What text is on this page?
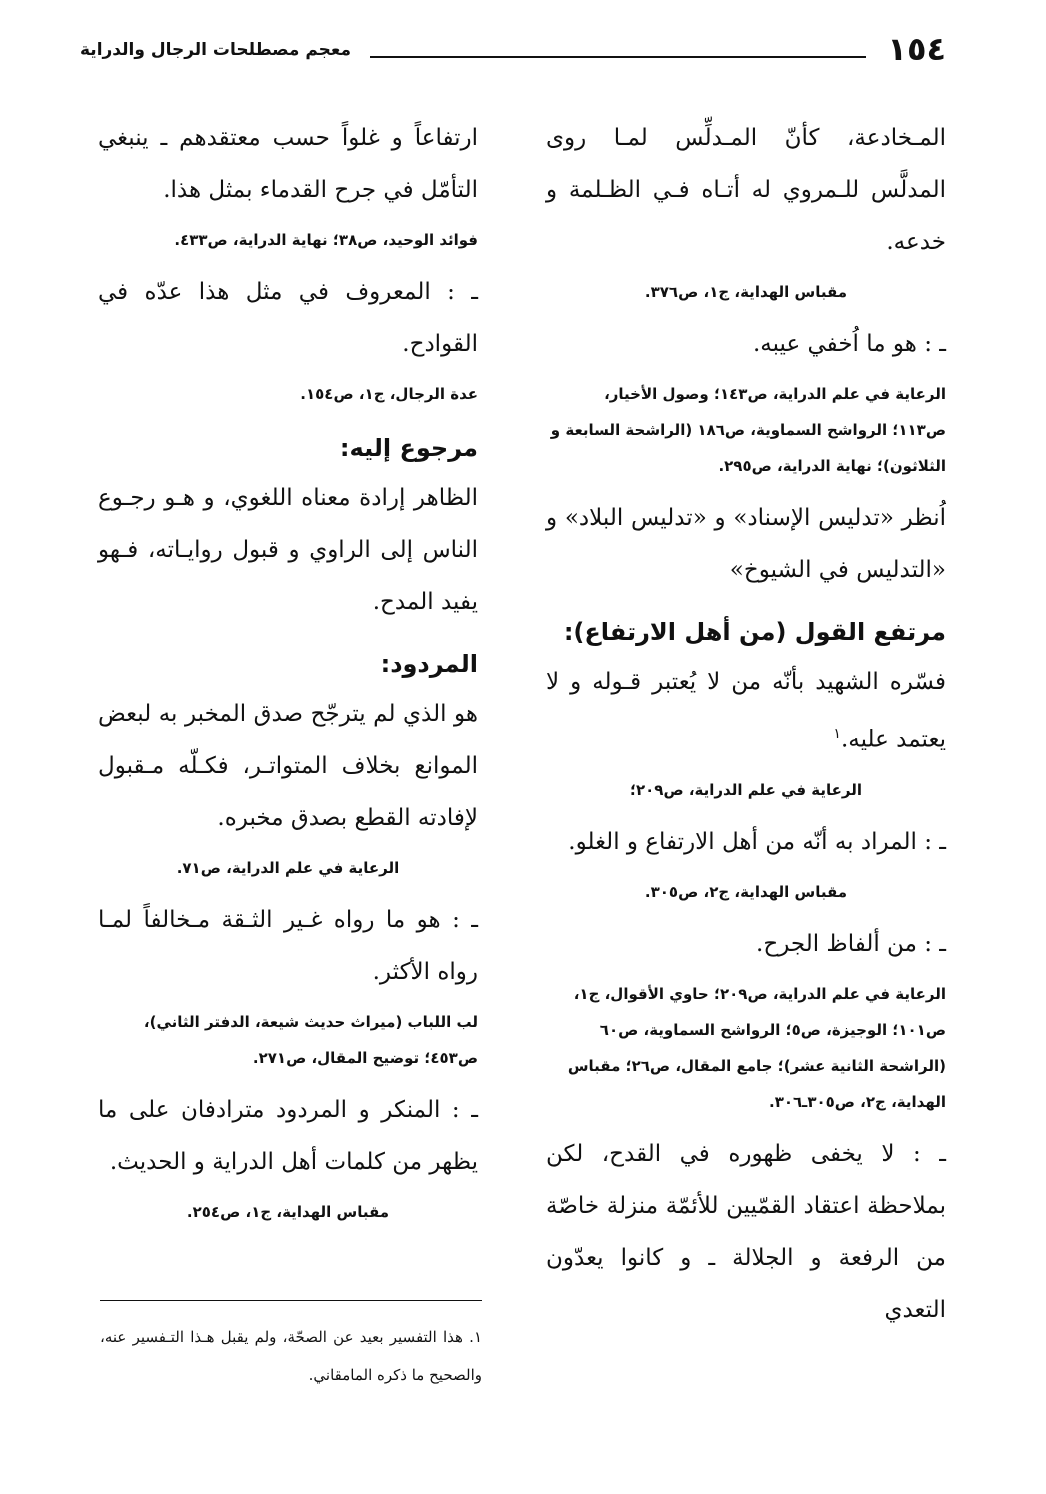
١٥٤
معجم مصطلحات الرجال والدراية

المـخادعة، كأنّ المـدلِّس لمـا روى المدلَّس للـمروي له أتـاه فـي الظـلمة و خدعه.

مقباس الهداية، ج١، ص٣٧٦.

ـ : هو ما اُخفي عيبه.

الرعاية في علم الدراية، ص١٤٣؛ وصول الأخيار، ص١١٣؛ الرواشح السماوية، ص١٨٦ (الراشحة السابعة و الثلاثون)؛ نهاية الدراية، ص٢٩٥.

اُنظر «تدليس الإسناد» و «تدليس البلاد» و «التدليس في الشيوخ»

مرتفع القول (من أهل الارتفاع):

فسّره الشهيد بأنّه من لا يُعتبر قـوله و لا يعتمد عليه.$^١$

الرعاية في علم الدراية، ص٢٠٩؛

ـ : المراد به أنّه من أهل الارتفاع و الغلو.

مقباس الهداية، ج٢، ص٣٠٥.

ـ : من ألفاظ الجرح.

الرعاية في علم الدراية، ص٢٠٩؛ حاوي الأقوال، ج١، ص١٠١؛ الوجيزة، ص٥؛ الرواشح السماوية، ص٦٠ (الراشحة الثانية عشر)؛ جامع المقال، ص٢٦؛ مقباس الهداية، ج٢، ص٣٠٥ـ٣٠٦.

ـ : لا يخفى ظهوره في القدح، لكن بملاحظة اعتقاد القمّيين للأئمّة منزلة خاصّة من الرفعة و الجلالة ـ و كانوا يعدّون التعدي

ارتفاعاً و غلواً حسب معتقدهم ـ ينبغي التأمّل في جرح القدماء بمثل هذا.

فوائد الوحيد، ص٣٨؛ نهاية الدراية، ص٤٣٣.

ـ : المعروف في مثل هذا عدّه في القوادح.

عدة الرجال، ج١، ص١٥٤.

مرجوع إليه:

الظاهر إرادة معناه اللغوي، و هـو رجـوع الناس إلى الراوي و قبول روايـاته، فـهو يفيد المدح.

المردود:

هو الذي لم يترجّح صدق المخبر به لبعض الموانع بخلاف المتواتـر، فكـلّه مـقبول لإفادته القطع بصدق مخبره.

الرعاية في علم الدراية، ص٧١.

ـ : هو ما رواه غـير الثـقة مـخالفاً لمـا رواه الأكثر.

لب اللباب (ميراث حديث شيعة، الدفتر الثاني)، ص٤٥٣؛ توضيح المقال، ص٢٧١.

ـ : المنكر و المردود مترادفان على ما يظهر من كلمات أهل الدراية و الحديث.

مقباس الهداية، ج١، ص٢٥٤.

١. هذا التفسير بعيد عن الصحّة، ولم يقبل هـذا التـفسير عنه، والصحيح ما ذكره المامقاني.
